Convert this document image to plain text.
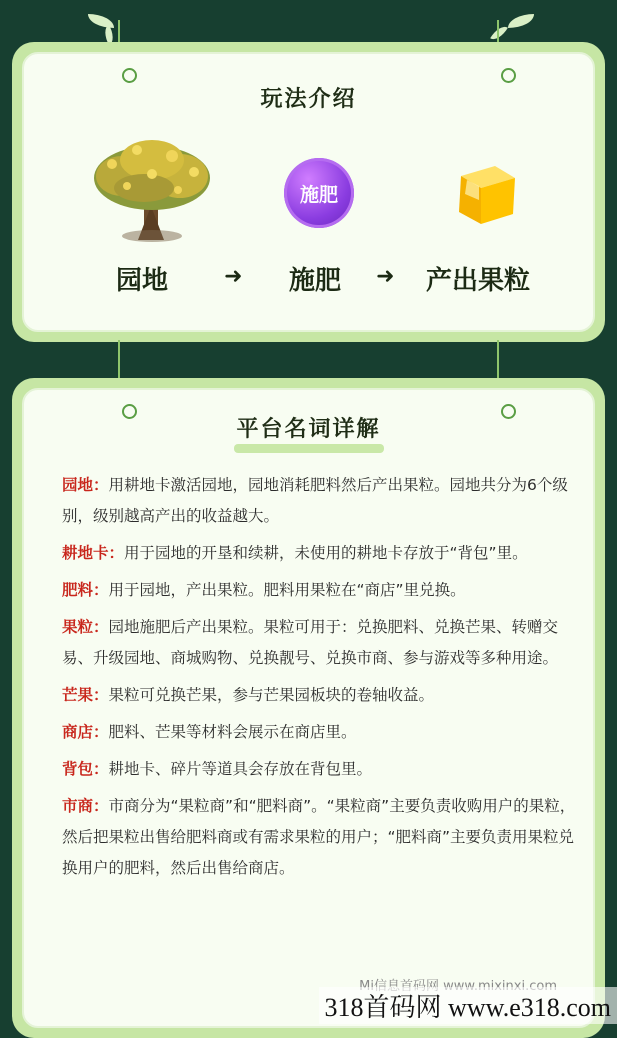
玩法介绍
施肥
园地	➜ 施肥 ➜ 产出果粒
平台名词详解
园地：用耕地卡激活园地，园地消耗肥料然后产出果粒。园地共分为6个级别，级别越高产出的收益越大。
耕地卡：用于园地的开垦和续耕，未使用的耕地卡存放于“背包”里。
肥料：用于园地，产出果粒。肥料用果粒在“商店”里兑换。
果粒：园地施肥后产出果粒。果粒可用于：兑换肥料、兑换芒果、转赠交易、升级园地、商城购物、兑换靓号、兑换市商、参与游戏等多种用途。
芒果：果粒可兑换芒果，参与芒果园板块的卷轴收益。
商店：肥料、芒果等材料会展示在商店里。
背包：耕地卡、碎片等道具会存放在背包里。
市商：市商分为“果粒商”和“肥料商”。“果粒商”主要负责收购用户的果粒，然后把果粒出售给肥料商或有需求果粒的用户；“肥料商”主要负责用果粒兑换用户的肥料，然后出售给商店。
318首码网 www.e318.com
